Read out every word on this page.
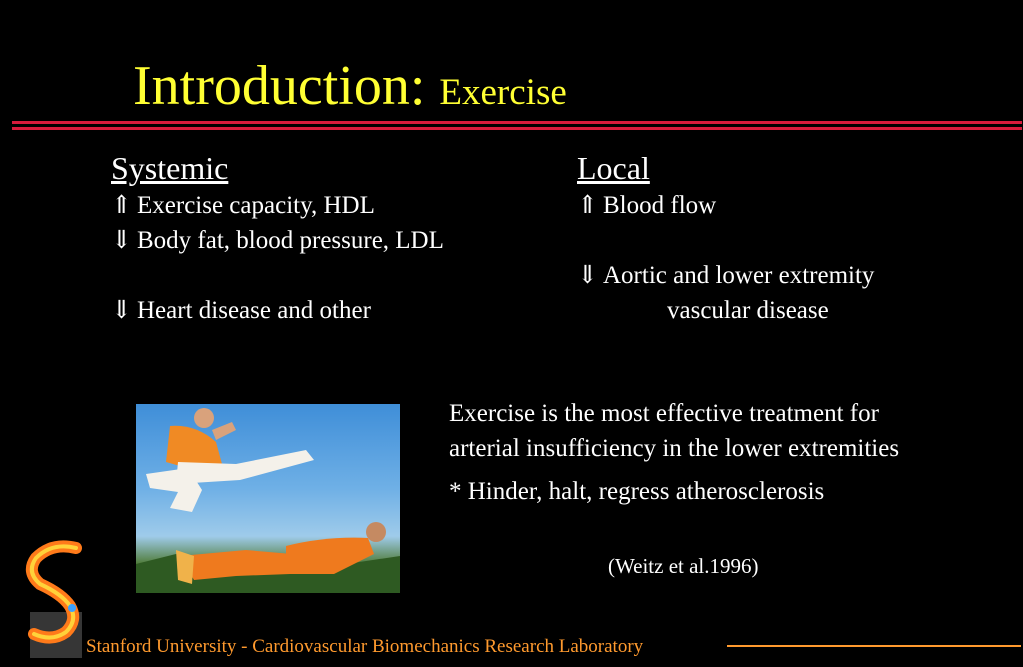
Introduction: Exercise
Systemic
⇑ Exercise capacity, HDL
⇓ Body fat, blood pressure, LDL
⇓ Heart disease and other
Local
⇑ Blood flow
⇓ Aortic and lower extremity
vascular disease
Exercise is the most effective treatment for
arterial insufficiency in the lower extremities
* Hinder, halt, regress atherosclerosis
(Weitz et al.1996)
Stanford University - Cardiovascular Biomechanics Research Laboratory
